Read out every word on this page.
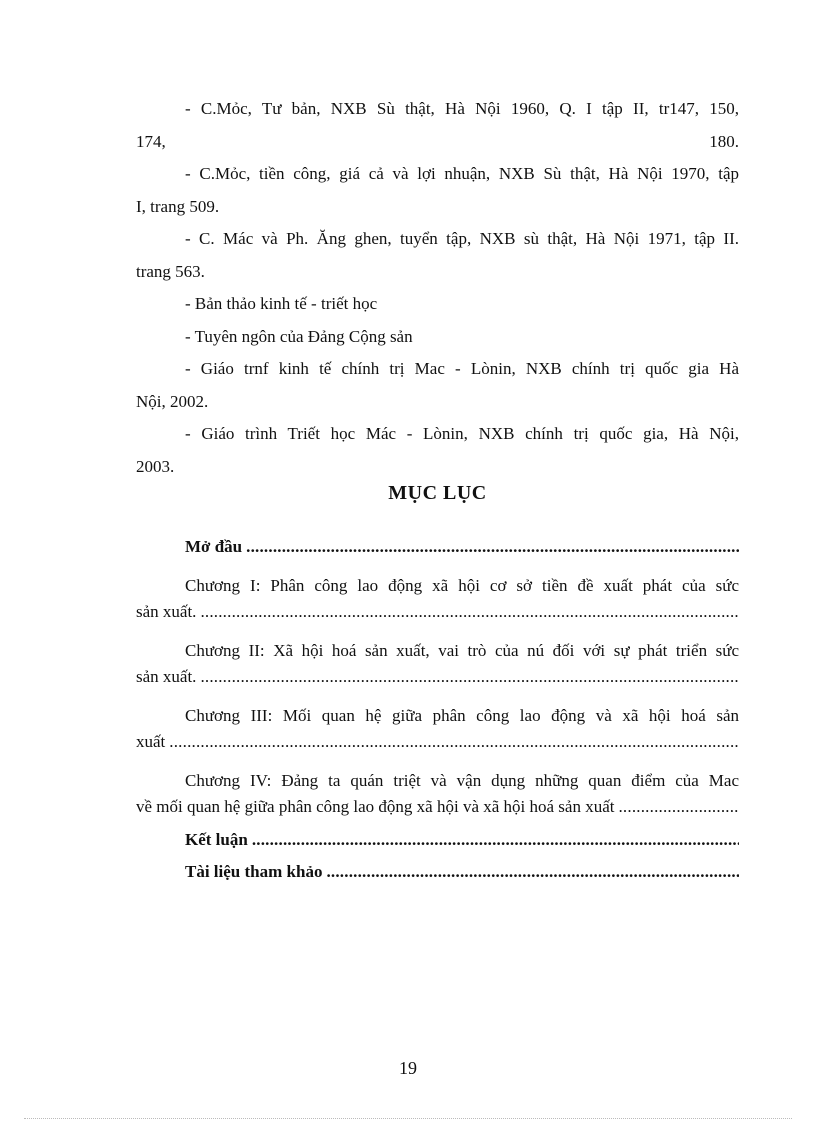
- C.Mỏc, Tư bản, NXB Sù thật, Hà Nội 1960, Q. I tập II, tr147, 150,
174,	180.
- C.Mỏc, tiền công, giá cả và lợi nhuận, NXB Sù thật, Hà Nội 1970, tập
I, trang 509.
- C. Mác và Ph. Ăng ghen, tuyển tập, NXB sù thật, Hà Nội 1971, tập II.
trang 563.
- Bản thảo kinh tế - triết học
- Tuyên ngôn của Đảng Cộng sản
- Giáo trnf kinh tế chính trị Mac - Lònin, NXB chính trị quốc gia Hà
Nội, 2002.
- Giáo trình Triết học Mác - Lònin, NXB chính trị quốc gia, Hà Nội,
2003.
MỤC LỤC
Mở đầu
.....
Chương I: Phân công lao động xã hội cơ sở tiền đề xuất phát của sức
sản xuất.
.....
Chương II: Xã hội hoá sản xuất, vai trò của nú đối với sự phát triển sức
sản xuất.
.....
Chương III: Mối quan hệ giữa phân công lao động và xã hội hoá sản
xuất
.....
Chương IV: Đảng ta quán triệt và vận dụng những quan điểm của Mac
về mối quan hệ giữa phân công lao động xã hội và xã hội hoá sản xuất
.....
Kết luận
.....
Tài liệu tham khảo
.....
19
